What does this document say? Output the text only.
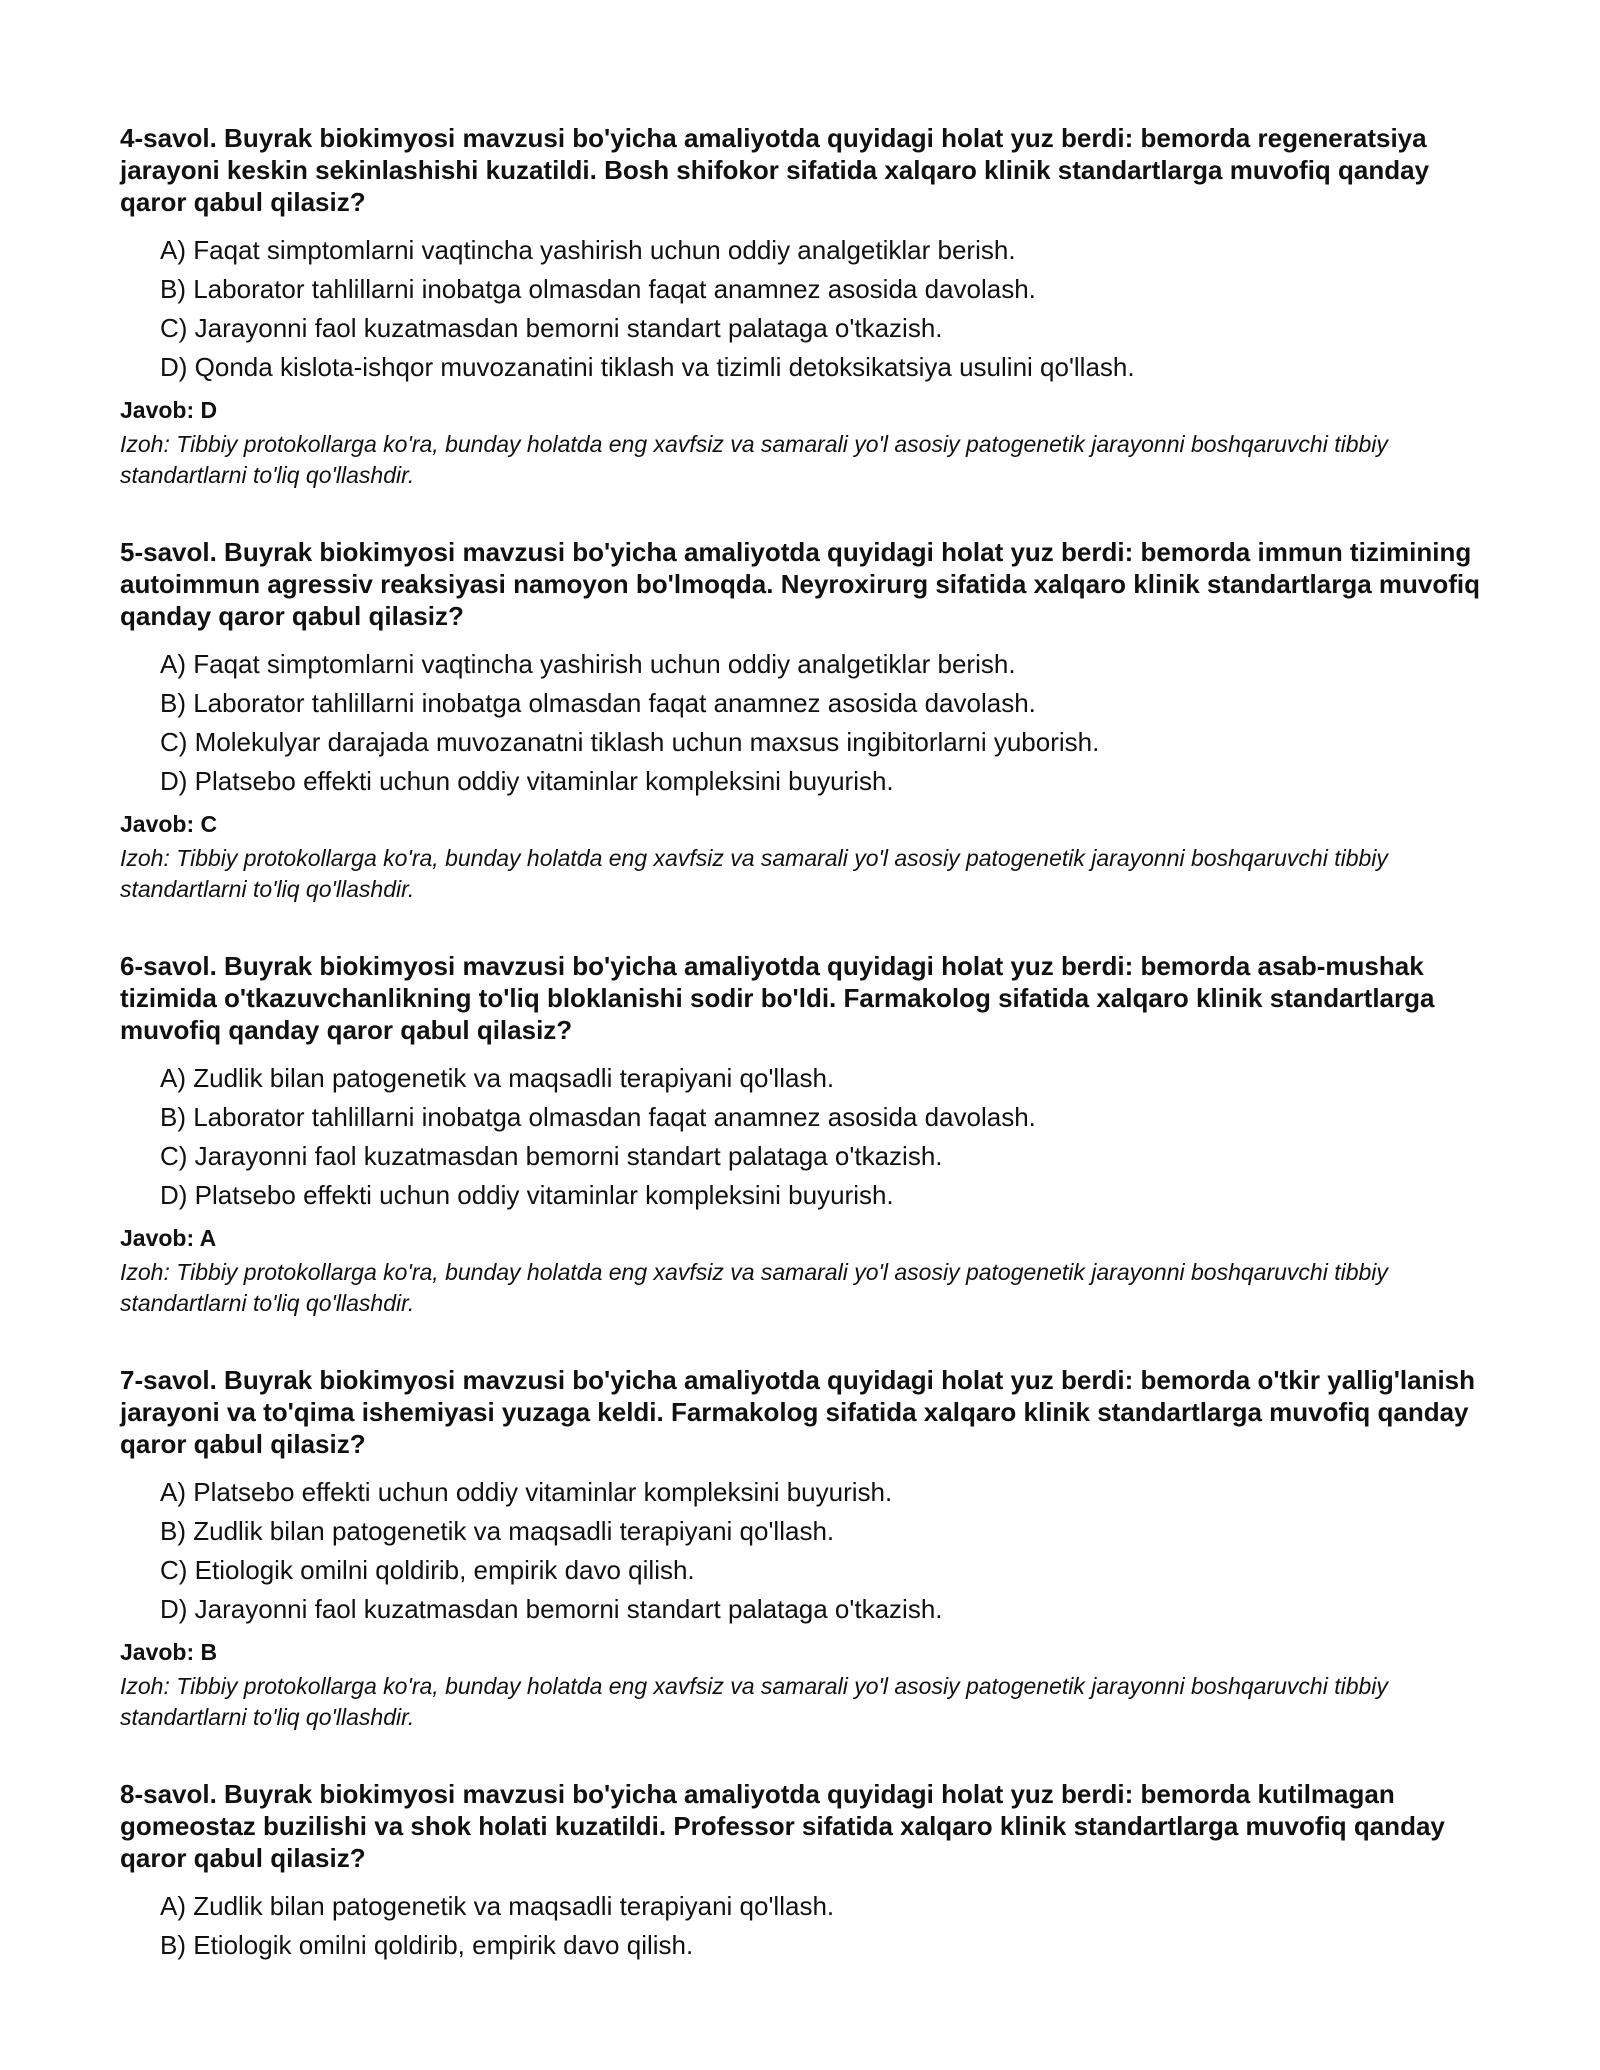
4-savol. Buyrak biokimyosi mavzusi bo'yicha amaliyotda quyidagi holat yuz berdi: bemorda regeneratsiya jarayoni keskin sekinlashishi kuzatildi. Bosh shifokor sifatida xalqaro klinik standartlarga muvofiq qanday qaror qabul qilasiz?

A) Faqat simptomlarni vaqtincha yashirish uchun oddiy analgetiklar berish.
B) Laborator tahlillarni inobatga olmasdan faqat anamnez asosida davolash.
C) Jarayonni faol kuzatmasdan bemorni standart palataga o'tkazish.
D) Qonda kislota-ishqor muvozanatini tiklash va tizimli detoksikatsiya usulini qo'llash.
Javob: D
Izoh: Tibbiy protokollarga ko'ra, bunday holatda eng xavfsiz va samarali yo'l asosiy patogenetik jarayonni boshqaruvchi tibbiy standartlarni to'liq qo'llashdir.

5-savol. Buyrak biokimyosi mavzusi bo'yicha amaliyotda quyidagi holat yuz berdi: bemorda immun tizimining autoimmun agressiv reaksiyasi namoyon bo'lmoqda. Neyroxirurg sifatida xalqaro klinik standartlarga muvofiq qanday qaror qabul qilasiz?

A) Faqat simptomlarni vaqtincha yashirish uchun oddiy analgetiklar berish.
B) Laborator tahlillarni inobatga olmasdan faqat anamnez asosida davolash.
C) Molekulyar darajada muvozanatni tiklash uchun maxsus ingibitorlarni yuborish.
D) Platsebo effekti uchun oddiy vitaminlar kompleksini buyurish.
Javob: C
Izoh: Tibbiy protokollarga ko'ra, bunday holatda eng xavfsiz va samarali yo'l asosiy patogenetik jarayonni boshqaruvchi tibbiy standartlarni to'liq qo'llashdir.

6-savol. Buyrak biokimyosi mavzusi bo'yicha amaliyotda quyidagi holat yuz berdi: bemorda asab-mushak tizimida o'tkazuvchanlikning to'liq bloklanishi sodir bo'ldi. Farmakolog sifatida xalqaro klinik standartlarga muvofiq qanday qaror qabul qilasiz?

A) Zudlik bilan patogenetik va maqsadli terapiyani qo'llash.
B) Laborator tahlillarni inobatga olmasdan faqat anamnez asosida davolash.
C) Jarayonni faol kuzatmasdan bemorni standart palataga o'tkazish.
D) Platsebo effekti uchun oddiy vitaminlar kompleksini buyurish.
Javob: A
Izoh: Tibbiy protokollarga ko'ra, bunday holatda eng xavfsiz va samarali yo'l asosiy patogenetik jarayonni boshqaruvchi tibbiy standartlarni to'liq qo'llashdir.

7-savol. Buyrak biokimyosi mavzusi bo'yicha amaliyotda quyidagi holat yuz berdi: bemorda o'tkir yallig'lanish jarayoni va to'qima ishemiyasi yuzaga keldi. Farmakolog sifatida xalqaro klinik standartlarga muvofiq qanday qaror qabul qilasiz?

A) Platsebo effekti uchun oddiy vitaminlar kompleksini buyurish.
B) Zudlik bilan patogenetik va maqsadli terapiyani qo'llash.
C) Etiologik omilni qoldirib, empirik davo qilish.
D) Jarayonni faol kuzatmasdan bemorni standart palataga o'tkazish.
Javob: B
Izoh: Tibbiy protokollarga ko'ra, bunday holatda eng xavfsiz va samarali yo'l asosiy patogenetik jarayonni boshqaruvchi tibbiy standartlarni to'liq qo'llashdir.

8-savol. Buyrak biokimyosi mavzusi bo'yicha amaliyotda quyidagi holat yuz berdi: bemorda kutilmagan gomeostaz buzilishi va shok holati kuzatildi. Professor sifatida xalqaro klinik standartlarga muvofiq qanday qaror qabul qilasiz?

A) Zudlik bilan patogenetik va maqsadli terapiyani qo'llash.
B) Etiologik omilni qoldirib, empirik davo qilish.
